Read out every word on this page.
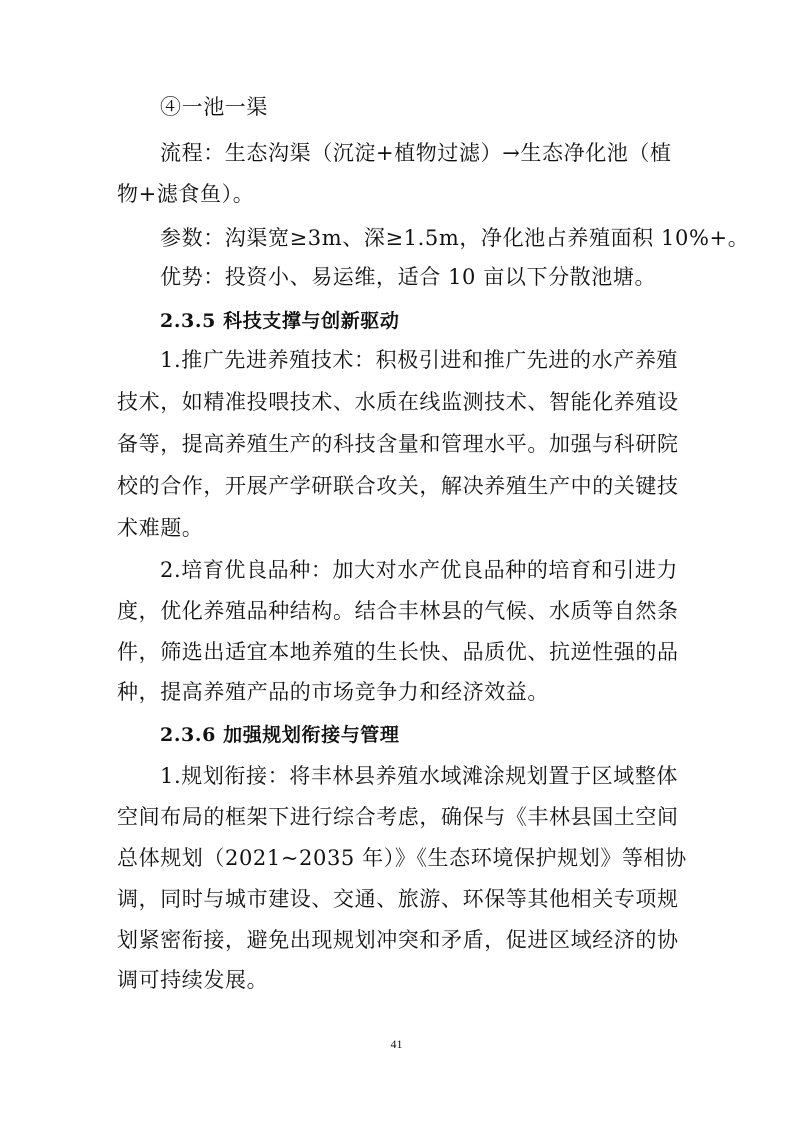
④一池一渠
流程：生态沟渠（沉淀+植物过滤）→生态净化池（植
物+滤食鱼）。
参数：沟渠宽≥3m、深≥1.5m，净化池占养殖面积 10%+。
优势：投资小、易运维，适合 10 亩以下分散池塘。
2.3.5 科技支撑与创新驱动
1.推广先进养殖技术：积极引进和推广先进的水产养殖
技术，如精准投喂技术、水质在线监测技术、智能化养殖设
备等，提高养殖生产的科技含量和管理水平。加强与科研院
校的合作，开展产学研联合攻关，解决养殖生产中的关键技
术难题。
2.培育优良品种：加大对水产优良品种的培育和引进力
度，优化养殖品种结构。结合丰林县的气候、水质等自然条
件，筛选出适宜本地养殖的生长快、品质优、抗逆性强的品
种，提高养殖产品的市场竞争力和经济效益。
2.3.6 加强规划衔接与管理
1.规划衔接：将丰林县养殖水域滩涂规划置于区域整体
空间布局的框架下进行综合考虑，确保与《丰林县国土空间
总体规划（2021~2035 年）》《生态环境保护规划》等相协
调，同时与城市建设、交通、旅游、环保等其他相关专项规
划紧密衔接，避免出现规划冲突和矛盾，促进区域经济的协
调可持续发展。
41
